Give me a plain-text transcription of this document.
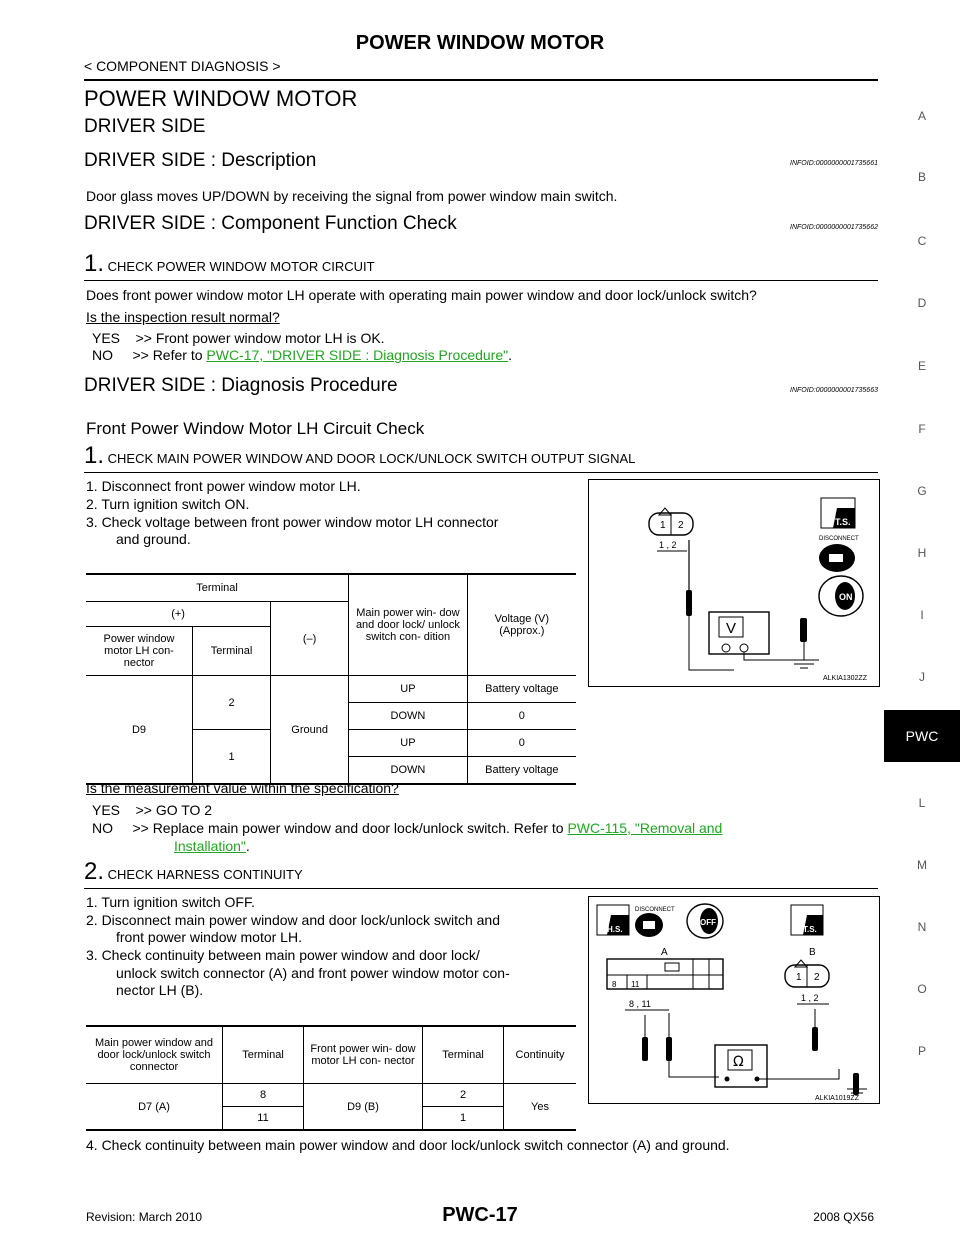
POWER WINDOW MOTOR
< COMPONENT DIAGNOSIS >
POWER WINDOW MOTOR
DRIVER SIDE
DRIVER SIDE : Description	INFOID:0000000001735661
Door glass moves UP/DOWN by receiving the signal from power window main switch.
DRIVER SIDE : Component Function Check	INFOID:0000000001735662
1. CHECK POWER WINDOW MOTOR CIRCUIT
Does front power window motor LH operate with operating main power window and door lock/unlock switch?
Is the inspection result normal?
YES    >> Front power window motor LH is OK.
NO     >> Refer to PWC-17, "DRIVER SIDE : Diagnosis Procedure".
DRIVER SIDE : Diagnosis Procedure	INFOID:0000000001735663
Front Power Window Motor LH Circuit Check
1. CHECK MAIN POWER WINDOW AND DOOR LOCK/UNLOCK SWITCH OUTPUT SIGNAL
1. Disconnect front power window motor LH.
2. Turn ignition switch ON.
3. Check voltage between front power window motor LH connector
and ground.
Terminal			Main power win- dow and door lock/ unlock switch con- dition	Voltage (V) (Approx.)
(+)		(–)		
Power window motor LH con- nector	Terminal			
D9	2	Ground	UP	Battery voltage
			DOWN	0
	1		UP	0
			DOWN	Battery voltage
1 2
1 , 2
V
T.S.
DISCONNECT
ON
ALKIA1302ZZ
Is the measurement value within the specification?
YES    >> GO TO 2
NO     >> Replace main power window and door lock/unlock switch. Refer to PWC-115, "Removal and
Installation".
2. CHECK HARNESS CONTINUITY
1. Turn ignition switch OFF.
2. Disconnect main power window and door lock/unlock switch and
front power window motor LH.
3. Check continuity between main power window and door lock/
unlock switch connector (A) and front power window motor con-
nector LH (B).
Main power window and door lock/unlock switch connector	Terminal	Front power win- dow motor LH con- nector	Terminal	Continuity
D7 (A)	8	D9 (B)	2	Yes
	11		1	
H.S.
DISCONNECT
OFF
T.S.
A	B
8 11
8 , 11
1 2
1 , 2
Ω
ALKIA1019ZZ
4. Check continuity between main power window and door lock/unlock switch connector (A) and ground.
A
B
C
D
E
F
G
H
I
J
PWC
L
M
N
O
P
Revision: March 2010	PWC-17	2008 QX56
